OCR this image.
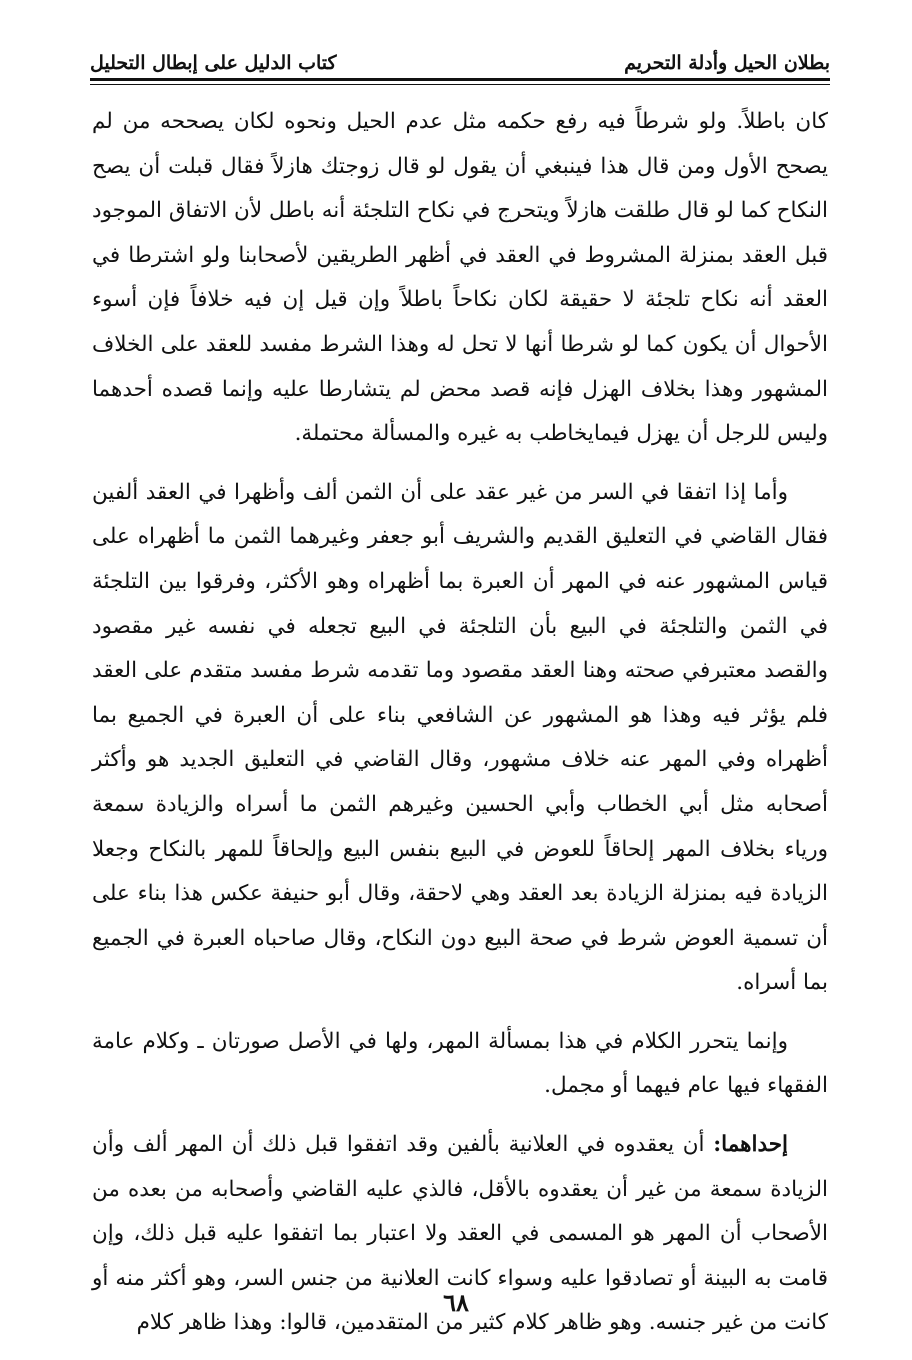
بطلان الحيل وأدلة التحريم
كتاب الدليل على إبطال التحليل

كان باطلاً. ولو شرطاً فيه رفع حكمه مثل عدم الحيل ونحوه لكان يصححه من لم يصحح الأول ومن قال هذا فينبغي أن يقول لو قال زوجتك هازلاً فقال قبلت أن يصح النكاح كما لو قال طلقت هازلاً ويتحرج في نكاح التلجئة أنه باطل لأن الاتفاق الموجود قبل العقد بمنزلة المشروط في العقد في أظهر الطريقين لأصحابنا ولو اشترطا في العقد أنه نكاح تلجئة لا حقيقة لكان نكاحاً باطلاً وإن قيل إن فيه خلافاً فإن أسوء الأحوال أن يكون كما لو شرطا أنها لا تحل له وهذا الشرط مفسد للعقد على الخلاف المشهور وهذا بخلاف الهزل فإنه قصد محض لم يتشارطا عليه وإنما قصده أحدهما وليس للرجل أن يهزل فيمايخاطب به غيره والمسألة محتملة.

وأما إذا اتفقا في السر من غير عقد على أن الثمن ألف وأظهرا في العقد ألفين فقال القاضي في التعليق القديم والشريف أبو جعفر وغيرهما الثمن ما أظهراه على قياس المشهور عنه في المهر أن العبرة بما أظهراه وهو الأكثر، وفرقوا بين التلجئة في الثمن والتلجئة في البيع بأن التلجئة في البيع تجعله في نفسه غير مقصود والقصد معتبرفي صحته وهنا العقد مقصود وما تقدمه شرط مفسد متقدم على العقد فلم يؤثر فيه وهذا هو المشهور عن الشافعي بناء على أن العبرة في الجميع بما أظهراه وفي المهر عنه خلاف مشهور، وقال القاضي في التعليق الجديد هو وأكثر أصحابه مثل أبي الخطاب وأبي الحسين وغيرهم الثمن ما أسراه والزيادة سمعة ورياء بخلاف المهر إلحاقاً للعوض في البيع بنفس البيع وإلحاقاً للمهر بالنكاح وجعلا الزيادة فيه بمنزلة الزيادة بعد العقد وهي لاحقة، وقال أبو حنيفة عكس هذا بناء على أن تسمية العوض شرط في صحة البيع دون النكاح، وقال صاحباه العبرة في الجميع بما أسراه.

وإنما يتحرر الكلام في هذا بمسألة المهر، ولها في الأصل صورتان ـ وكلام عامة الفقهاء فيها عام فيهما أو مجمل.

إحداهما: أن يعقدوه في العلانية بألفين وقد اتفقوا قبل ذلك أن المهر ألف وأن الزيادة سمعة من غير أن يعقدوه بالأقل، فالذي عليه القاضي وأصحابه من بعده من الأصحاب أن المهر هو المسمى في العقد ولا اعتبار بما اتفقوا عليه قبل ذلك، وإن قامت به البينة أو تصادقوا عليه وسواء كانت العلانية من جنس السر، وهو أكثر منه أو كانت من غير جنسه. وهو ظاهر كلام كثير من المتقدمين، قالوا: وهذا ظاهر كلام

٦٨
